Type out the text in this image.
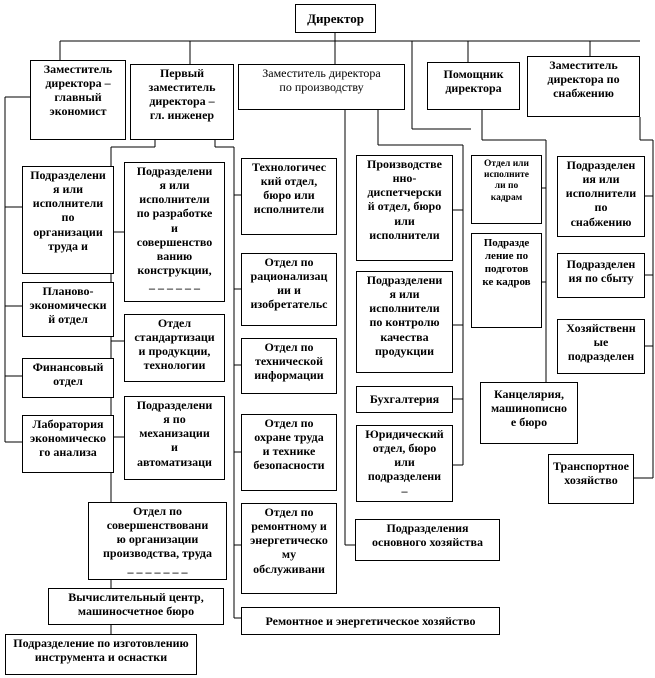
Директор
Заместитель
директора –
главный
экономист
Первый
заместитель
директора –
гл. инженер
Заместитель директора
по производству
Помощник
директора
Заместитель
директора по
снабжению
Подразделени
я или
исполнители
по
организации
труда и
Планово-
экономически
й отдел
Финансовый
отдел
Лаборатория
экономическо
го анализа
Подразделени
я или
исполнители
по разработке
и
совершенство
ванию
конструкции,
_ _ _ _ _ _
Отдел
стандартизаци
и продукции,
технологии
Подразделени
я по
механизации
и
автоматизаци
Технологичес
кий отдел,
бюро или
исполнители
Отдел по
рационализац
ии и
изобретательс
Отдел по
технической
информации
Отдел по
охране труда
и технике
безопасности
Отдел по
ремонтному и
энергетическо
му
обслуживани
Отдел по
совершенствовани
ю организации
производства, труда
_ _ _ _ _ _ _
Вычислительный центр,
машиносчетное бюро
Подразделение по изготовлению
инструмента и оснастки
Ремонтное и энергетическое хозяйство
Производстве
нно-
диспетчерски
й отдел, бюро
или
исполнители
Подразделени
я или
исполнители
по контролю
качества
продукции
Бухгалтерия
Юридический
отдел, бюро
или
подразделени
–
Подразделения
основного хозяйства
Отдел или
исполните
ли по
кадрам
Подразде
ление по
подготов
ке кадров
Канцелярия,
машинописно
е бюро
Подразделен
ия или
исполнители
по
снабжению
Подразделен
ия по сбыту
Хозяйственн
ые
подразделен
Транспортное
хозяйство
